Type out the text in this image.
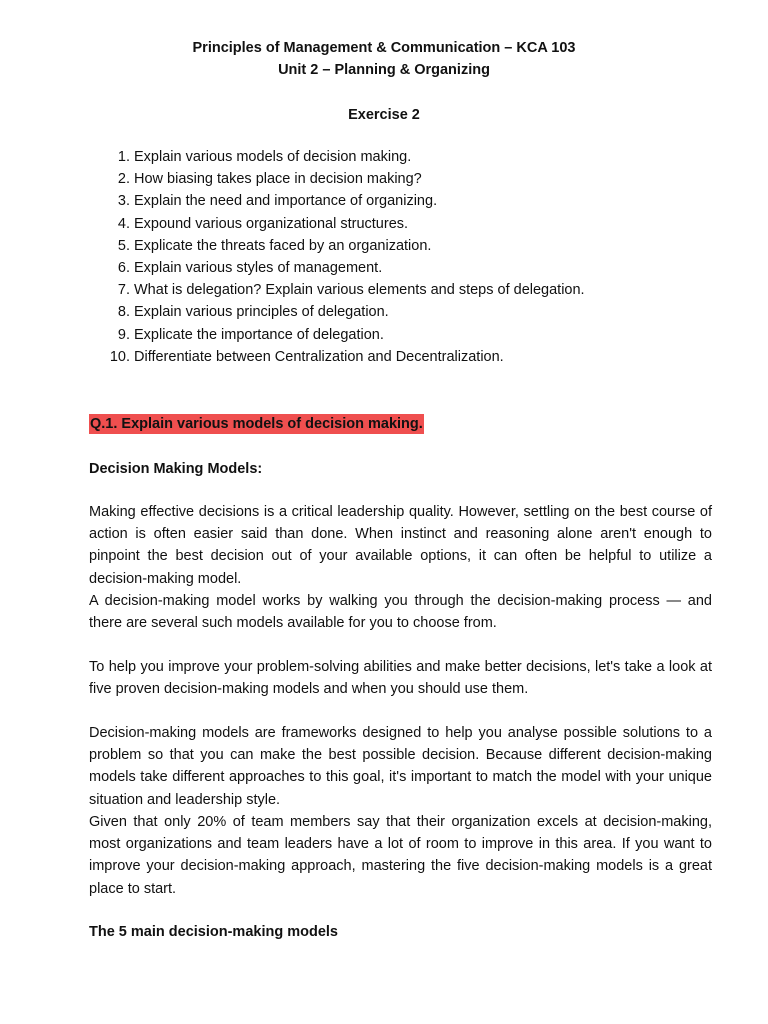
Principles of Management & Communication – KCA 103
Unit 2 – Planning & Organizing
Exercise 2
1. Explain various models of decision making.
2. How biasing takes place in decision making?
3. Explain the need and importance of organizing.
4. Expound various organizational structures.
5. Explicate the threats faced by an organization.
6. Explain various styles of management.
7. What is delegation? Explain various elements and steps of delegation.
8. Explain various principles of delegation.
9. Explicate the importance of delegation.
10. Differentiate between Centralization and Decentralization.
Q.1. Explain various models of decision making.
Decision Making Models:

Making effective decisions is a critical leadership quality. However, settling on the best course of action is often easier said than done. When instinct and reasoning alone aren't enough to pinpoint the best decision out of your available options, it can often be helpful to utilize a decision-making model.

A decision-making model works by walking you through the decision-making process — and there are several such models available for you to choose from.

To help you improve your problem-solving abilities and make better decisions, let's take a look at five proven decision-making models and when you should use them.

Decision-making models are frameworks designed to help you analyse possible solutions to a problem so that you can make the best possible decision. Because different decision-making models take different approaches to this goal, it's important to match the model with your unique situation and leadership style.

Given that only 20% of team members say that their organization excels at decision-making, most organizations and team leaders have a lot of room to improve in this area. If you want to improve your decision-making approach, mastering the five decision-making models is a great place to start.

The 5 main decision-making models
